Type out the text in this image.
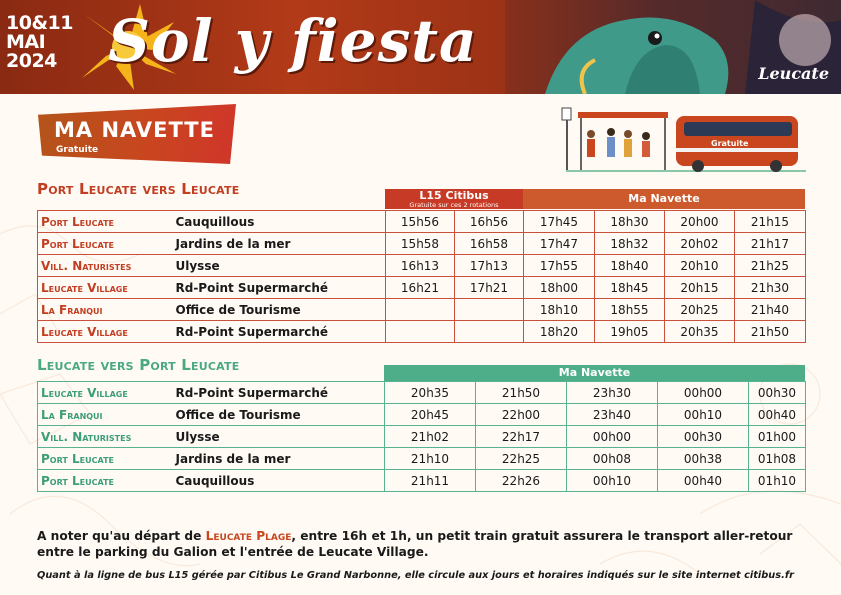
10&11
MAI
2024 Sol y fiesta	Leucate
MA NAVETTE
Gratuite
Gratuite
Port Leucate vers Leucate	L15 Citibus
Gratuite sur ces 2 rotations	Ma Navette
Port Leucate	Cauquillous	15h56	16h56	17h45	18h30	20h00	21h15
Port Leucate	Jardins de la mer	15h58	16h58	17h47	18h32	20h02	21h17
Vill. Naturistes	Ulysse	16h13	17h13	17h55	18h40	20h10	21h25
Leucate Village	Rd-Point Supermarché	16h21	17h21	18h00	18h45	20h15	21h30
La Franqui	Office de Tourisme			18h10	18h55	20h25	21h40
Leucate Village	Rd-Point Supermarché			18h20	19h05	20h35	21h50
Leucate vers Port Leucate	Ma Navette
Leucate Village	Rd-Point Supermarché	20h35	21h50	23h30	00h00	00h30
La Franqui	Office de Tourisme	20h45	22h00	23h40	00h10	00h40
Vill. Naturistes	Ulysse	21h02	22h17	00h00	00h30	01h00
Port Leucate	Jardins de la mer	21h10	22h25	00h08	00h38	01h08
Port Leucate	Cauquillous	21h11	22h26	00h10	00h40	01h10
A noter qu'au départ de Leucate Plage, entre 16h et 1h, un petit train gratuit assurera le transport aller-retour entre le parking du Galion et l'entrée de Leucate Village.
Quant à la ligne de bus L15 gérée par Citibus Le Grand Narbonne, elle circule aux jours et horaires indiqués sur le site internet citibus.fr
